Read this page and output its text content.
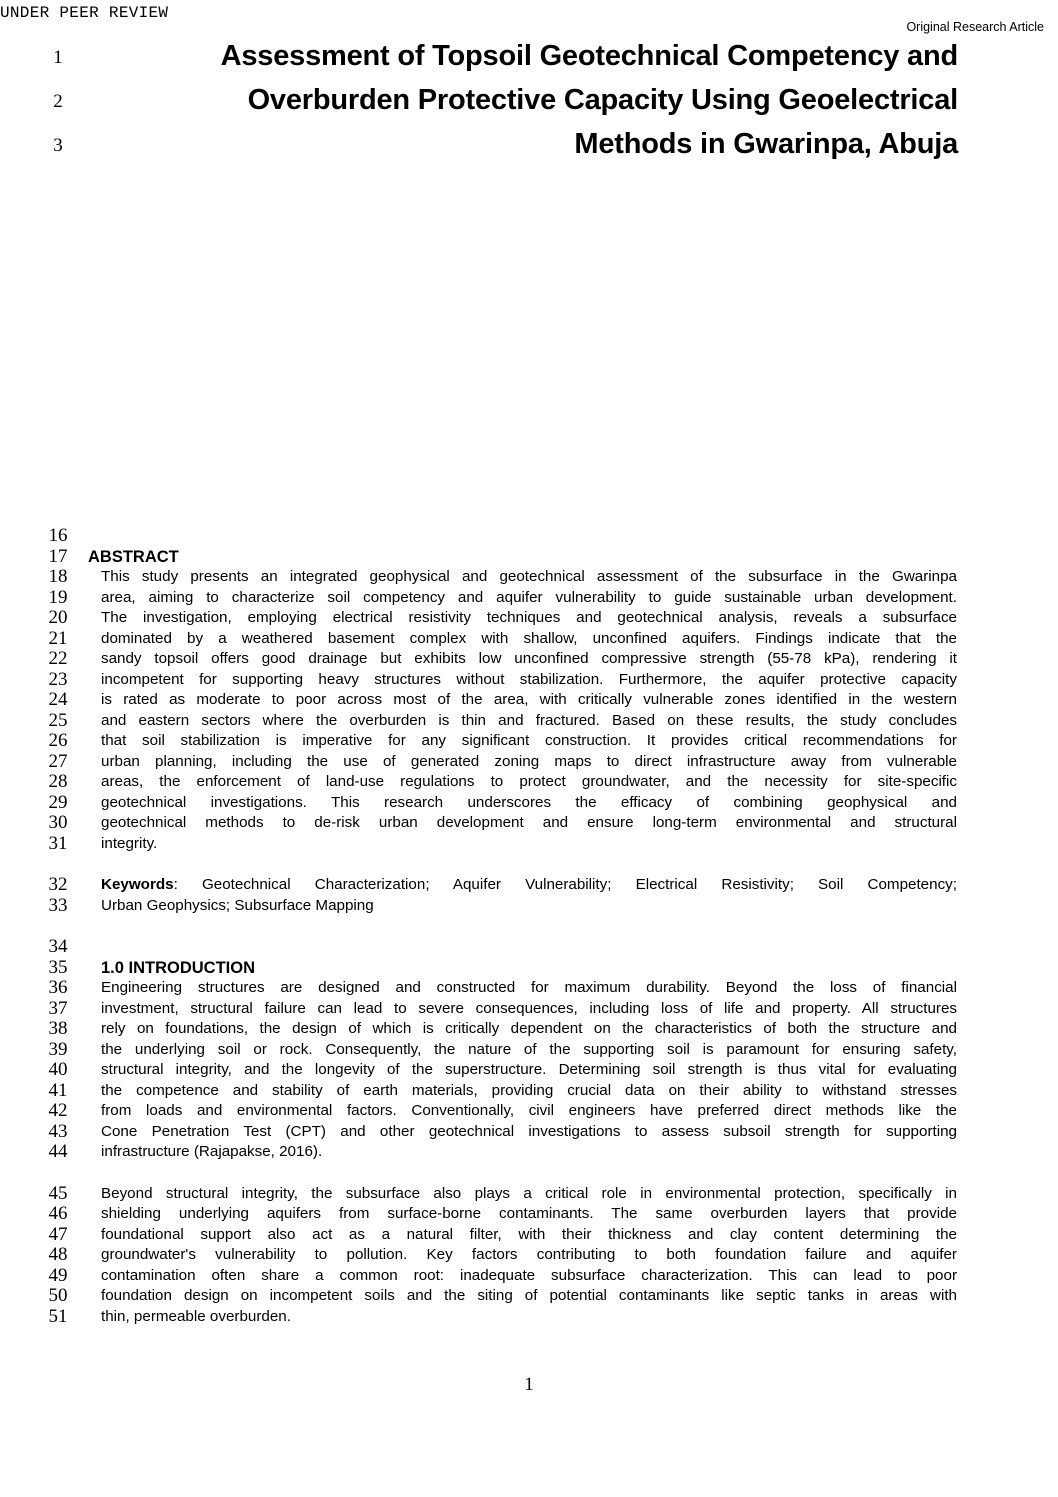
UNDER PEER REVIEW
Original Research Article
1	Assessment of Topsoil Geotechnical Competency and
2	Overburden Protective Capacity Using Geoelectrical
3	Methods in Gwarinpa, Abuja
16
17	ABSTRACT
18	This study presents an integrated geophysical and geotechnical assessment of the subsurface in the Gwarinpa
19	area, aiming to characterize soil competency and aquifer vulnerability to guide sustainable urban development.
20	The investigation, employing electrical resistivity techniques and geotechnical analysis, reveals a subsurface
21	dominated by a weathered basement complex with shallow, unconfined aquifers. Findings indicate that the
22	sandy topsoil offers good drainage but exhibits low unconfined compressive strength (55-78 kPa), rendering it
23	incompetent for supporting heavy structures without stabilization. Furthermore, the aquifer protective capacity
24	is rated as moderate to poor across most of the area, with critically vulnerable zones identified in the western
25	and eastern sectors where the overburden is thin and fractured. Based on these results, the study concludes
26	that soil stabilization is imperative for any significant construction. It provides critical recommendations for
27	urban planning, including the use of generated zoning maps to direct infrastructure away from vulnerable
28	areas, the enforcement of land-use regulations to protect groundwater, and the necessity for site-specific
29	geotechnical investigations. This research underscores the efficacy of combining geophysical and
30	geotechnical methods to de-risk urban development and ensure long-term environmental and structural
31	integrity.
32	Keywords: Geotechnical Characterization; Aquifer Vulnerability; Electrical Resistivity; Soil Competency;
33	Urban Geophysics; Subsurface Mapping
34
35	1.0 INTRODUCTION
36	Engineering structures are designed and constructed for maximum durability. Beyond the loss of financial
37	investment, structural failure can lead to severe consequences, including loss of life and property. All structures
38	rely on foundations, the design of which is critically dependent on the characteristics of both the structure and
39	the underlying soil or rock. Consequently, the nature of the supporting soil is paramount for ensuring safety,
40	structural integrity, and the longevity of the superstructure. Determining soil strength is thus vital for evaluating
41	the competence and stability of earth materials, providing crucial data on their ability to withstand stresses
42	from loads and environmental factors. Conventionally, civil engineers have preferred direct methods like the
43	Cone Penetration Test (CPT) and other geotechnical investigations to assess subsoil strength for supporting
44	infrastructure (Rajapakse, 2016).
45	Beyond structural integrity, the subsurface also plays a critical role in environmental protection, specifically in
46	shielding underlying aquifers from surface-borne contaminants. The same overburden layers that provide
47	foundational support also act as a natural filter, with their thickness and clay content determining the
48	groundwater's vulnerability to pollution. Key factors contributing to both foundation failure and aquifer
49	contamination often share a common root: inadequate subsurface characterization. This can lead to poor
50	foundation design on incompetent soils and the siting of potential contaminants like septic tanks in areas with
51	thin, permeable overburden.
1
